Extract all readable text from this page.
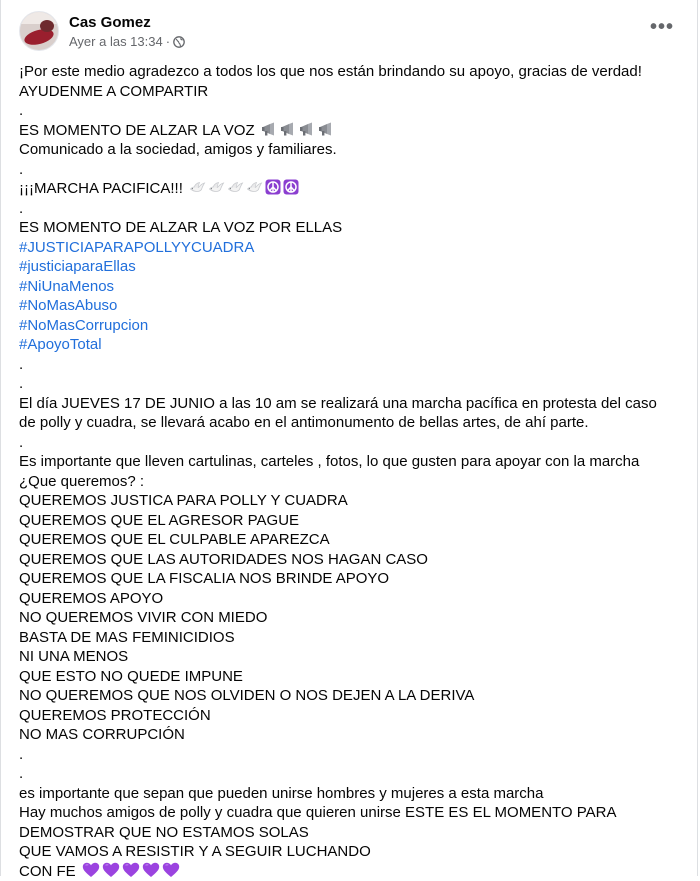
Cas Gomez
Ayer a las 13:34 ·
•••
¡Por este medio agradezco a todos los que nos están brindando su apoyo, gracias de verdad!
AYUDENME A COMPARTIR
.
ES MOMENTO DE ALZAR LA VOZ
Comunicado a la sociedad, amigos y familiares.
.
¡¡¡MARCHA PACIFICA!!!
.
ES MOMENTO DE ALZAR LA VOZ POR ELLAS
#JUSTICIAPARAPOLLYYCUADRA
#justiciaparaEllas
#NiUnaMenos
#NoMasAbuso
#NoMasCorrupcion
#ApoyoTotal
.
.
El día JUEVES 17 DE JUNIO a las 10 am se realizará una marcha pacífica en protesta del caso
de polly y cuadra, se llevará acabo en el antimonumento de bellas artes, de ahí parte.
.
Es importante que lleven cartulinas, carteles , fotos, lo que gusten para apoyar con la marcha
¿Que queremos? :
QUEREMOS JUSTICA PARA POLLY Y CUADRA
QUEREMOS QUE EL AGRESOR PAGUE
QUEREMOS QUE EL CULPABLE APAREZCA
QUEREMOS QUE LAS AUTORIDADES NOS HAGAN CASO
QUEREMOS QUE LA FISCALIA NOS BRINDE APOYO
QUEREMOS APOYO
NO QUEREMOS VIVIR CON MIEDO
BASTA DE MAS FEMINICIDIOS
NI UNA MENOS
QUE ESTO NO QUEDE IMPUNE
NO QUEREMOS QUE NOS OLVIDEN O NOS DEJEN A LA DERIVA
QUEREMOS PROTECCIÓN
NO MAS CORRUPCIÓN
.
.
es importante que sepan que pueden unirse hombres y mujeres a esta marcha
Hay muchos amigos de polly y cuadra que quieren unirse ESTE ES EL MOMENTO PARA
DEMOSTRAR QUE NO ESTAMOS SOLAS
QUE VAMOS A RESISTIR Y A SEGUIR LUCHANDO
CON FE
